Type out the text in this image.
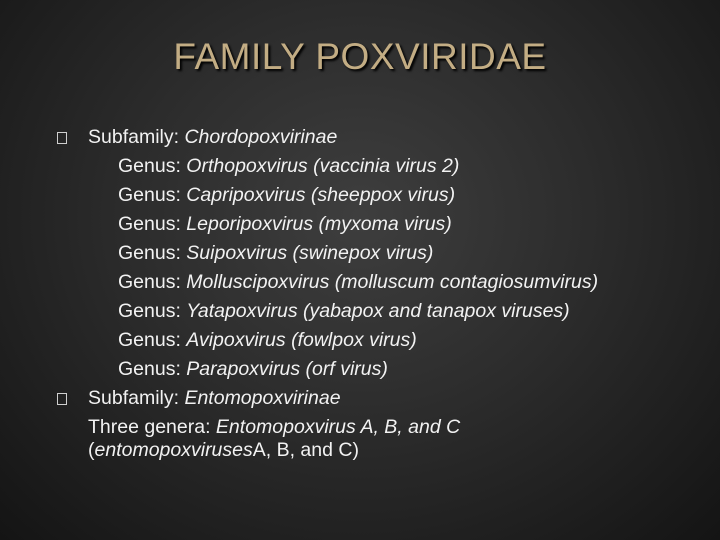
FAMILY POXVIRIDAE
Subfamily: Chordopoxvirinae
Genus: Orthopoxvirus (vaccinia virus 2)
Genus: Capripoxvirus (sheeppox virus)
Genus: Leporipoxvirus (myxoma virus)
Genus: Suipoxvirus (swinepox virus)
Genus: Molluscipoxvirus (molluscum contagiosumvirus)
Genus: Yatapoxvirus (yabapox and tanapox viruses)
Genus: Avipoxvirus (fowlpox virus)
Genus: Parapoxvirus (orf virus)
Subfamily: Entomopoxvirinae
Three genera: Entomopoxvirus A, B, and C
(entomopoxvirusesA, B, and C)
